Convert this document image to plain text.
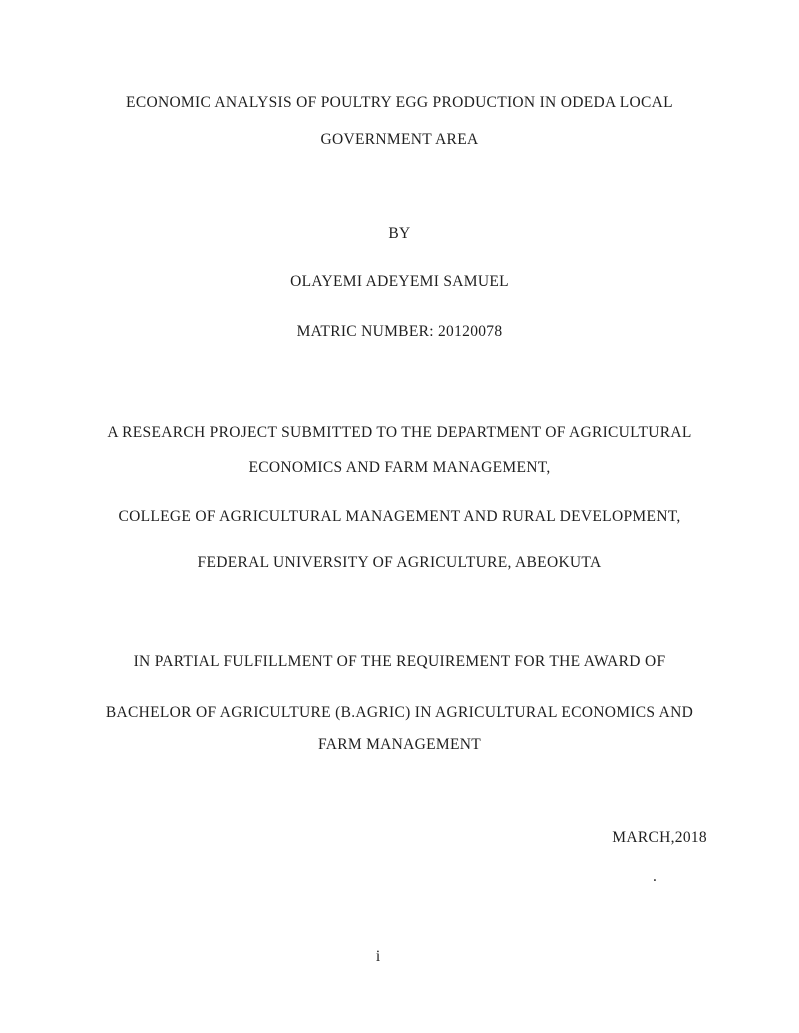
ECONOMIC ANALYSIS OF POULTRY EGG PRODUCTION IN ODEDA LOCAL
GOVERNMENT AREA
BY
OLAYEMI ADEYEMI SAMUEL
MATRIC NUMBER: 20120078
A RESEARCH PROJECT SUBMITTED TO THE DEPARTMENT OF AGRICULTURAL
ECONOMICS AND FARM MANAGEMENT,
COLLEGE OF AGRICULTURAL MANAGEMENT AND RURAL DEVELOPMENT,
FEDERAL UNIVERSITY OF AGRICULTURE, ABEOKUTA
IN PARTIAL FULFILLMENT OF THE REQUIREMENT FOR THE AWARD OF
BACHELOR OF AGRICULTURE (B.AGRIC) IN AGRICULTURAL ECONOMICS AND
FARM MANAGEMENT
MARCH,2018
.
i
